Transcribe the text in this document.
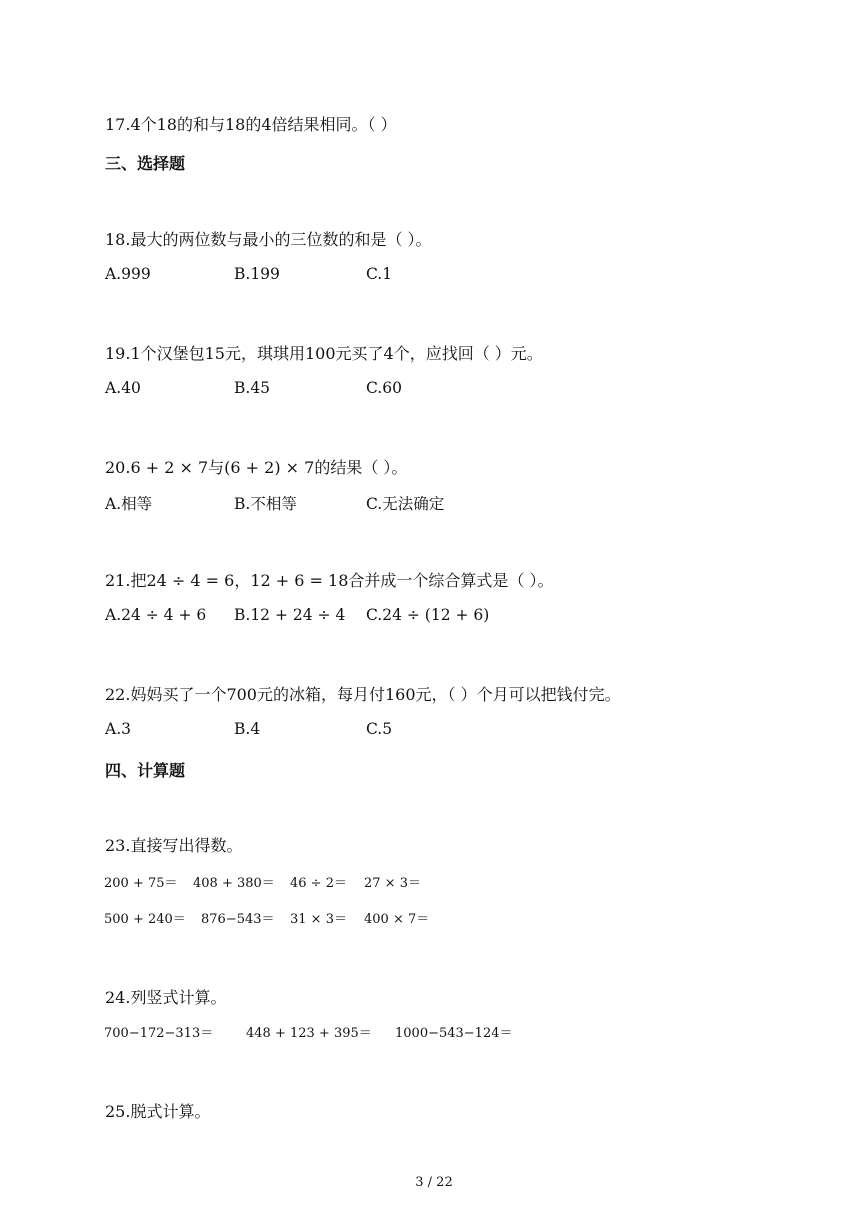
17.4个18的和与18的4倍结果相同。（ ）

三、选择题

18.最大的两位数与最小的三位数的和是（ ）。

A.999	B.199	C.1

19.1个汉堡包15元，琪琪用100元买了4个，应找回（ ）元。

A.40	B.45	C.60

20.6 + 2 × 7与(6 + 2) × 7的结果（ ）。

A.相等	B.不相等	C.无法确定

21.把24 ÷ 4 = 6，12 + 6 = 18合并成一个综合算式是（ ）。

A.24 ÷ 4 + 6 B.12 + 24 ÷ 4 C.24 ÷ (12 + 6)

22.妈妈买了一个700元的冰箱，每月付160元，（ ）个月可以把钱付完。

A.3	B.4	C.5

四、计算题

23.直接写出得数。

200 + 75＝ 408 + 380＝ 46 ÷ 2＝ 27 × 3＝

500 + 240＝ 876−543＝ 31 × 3＝ 400 × 7＝

24.列竖式计算。

700−172−313＝	448 + 123 + 395＝ 1000−543−124＝

25.脱式计算。

3 / 22
